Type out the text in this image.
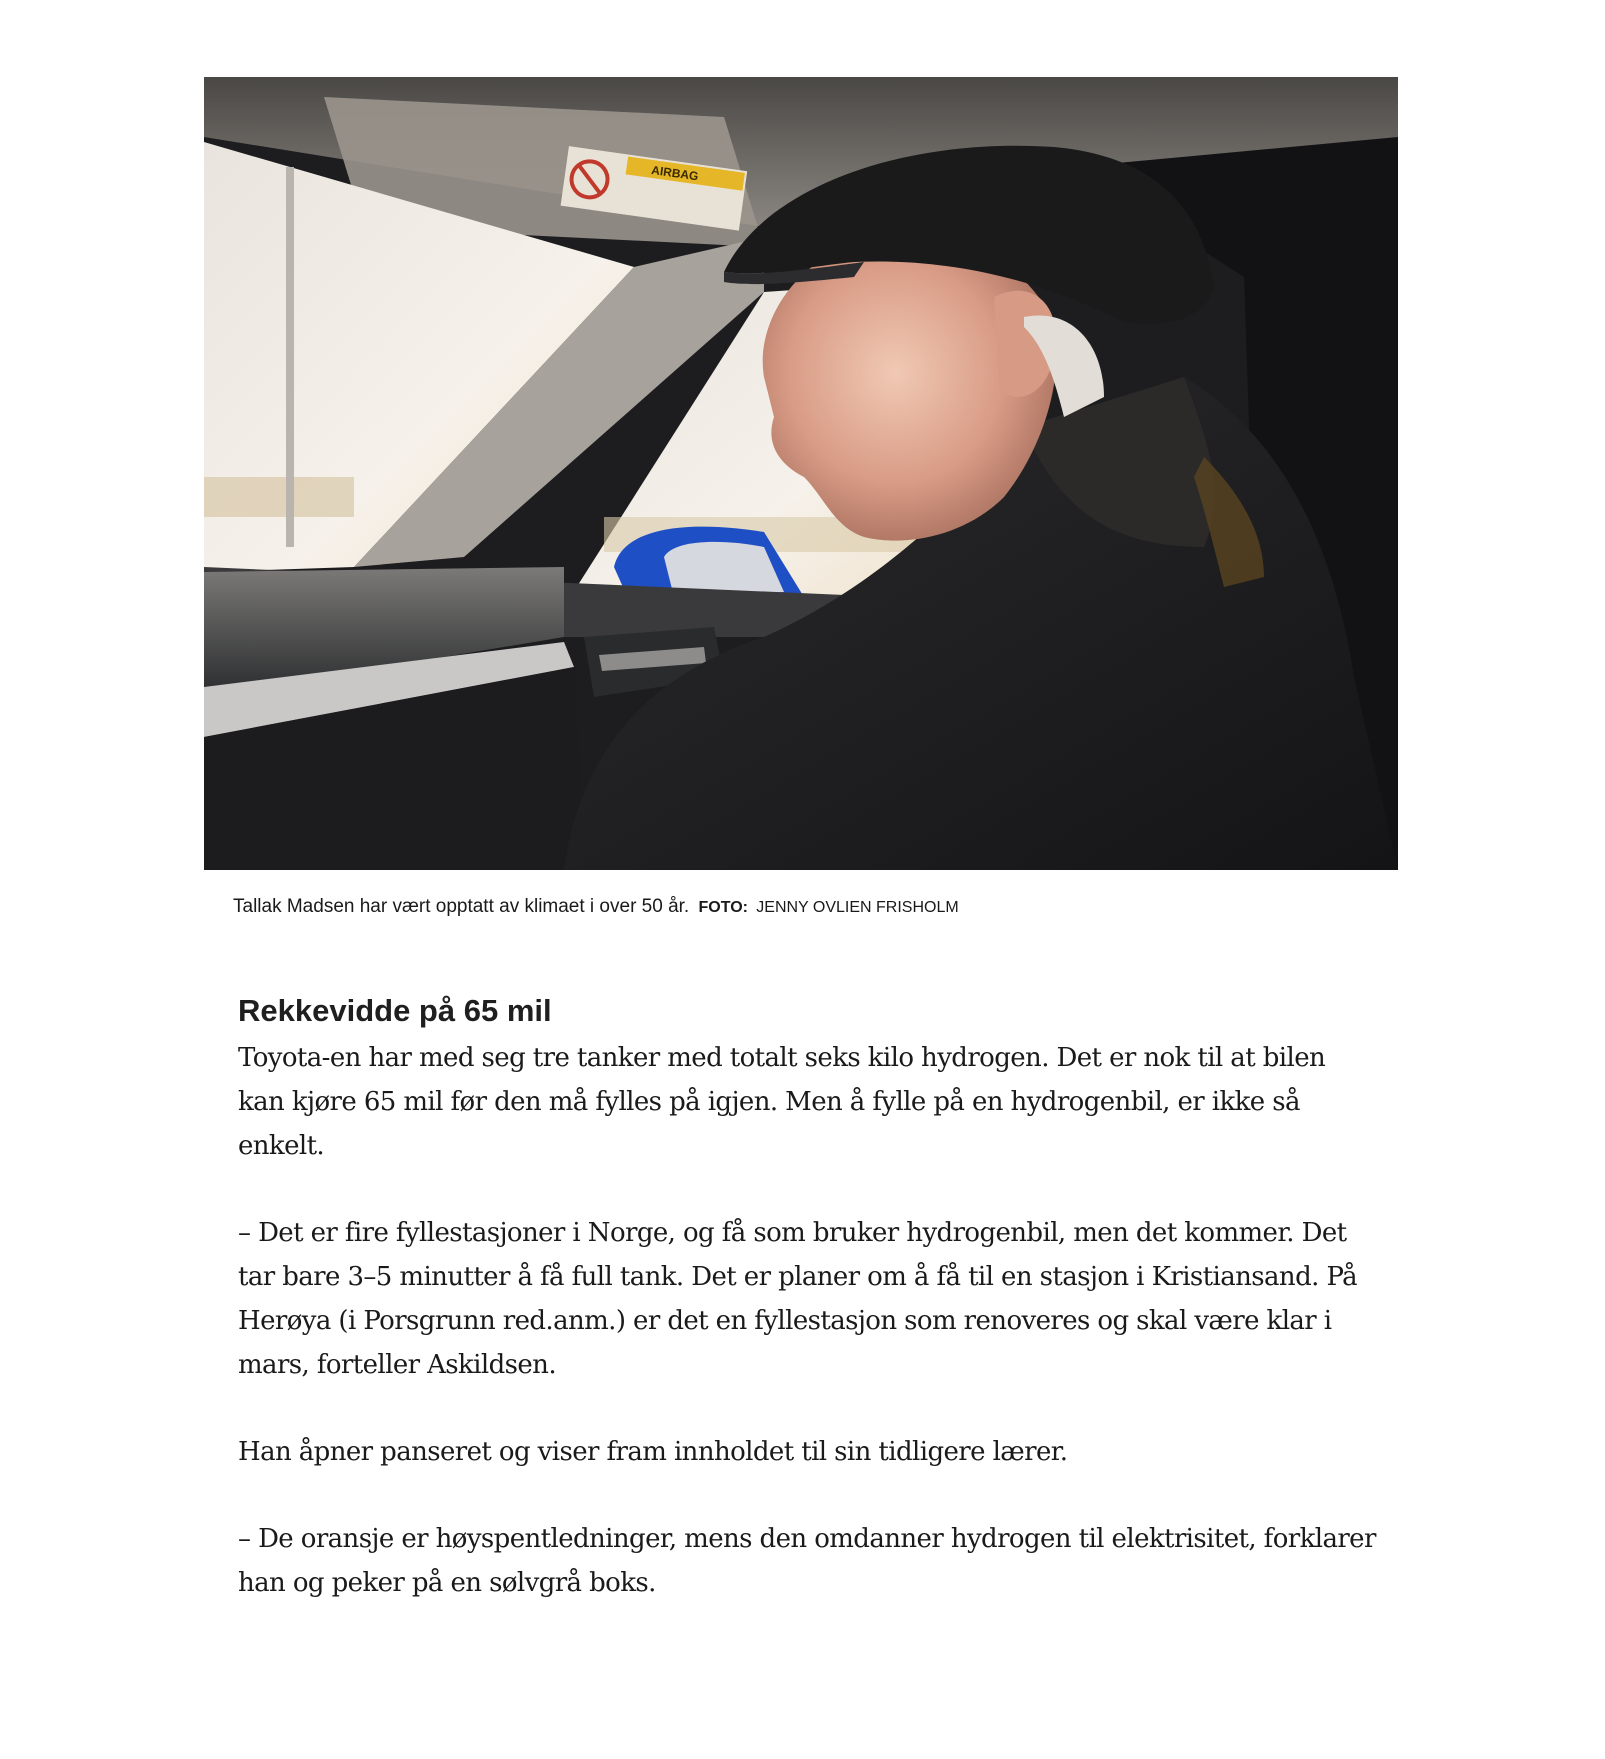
AIRBAG
Tallak Madsen har vært opptatt av klimaet i over 50 år. FOTO: JENNY OVLIEN FRISHOLM
Rekkevidde på 65 mil

Toyota-en har med seg tre tanker med totalt seks kilo hydrogen. Det er nok til at bilen kan kjøre 65 mil før den må fylles på igjen. Men å fylle på en hydrogenbil, er ikke så enkelt.

– Det er fire fyllestasjoner i Norge, og få som bruker hydrogenbil, men det kommer. Det tar bare 3–5 minutter å få full tank. Det er planer om å få til en stasjon i Kristiansand. På Herøya (i Porsgrunn red.anm.) er det en fyllestasjon som renoveres og skal være klar i mars, forteller Askildsen.

Han åpner panseret og viser fram innholdet til sin tidligere lærer.

– De oransje er høyspentledninger, mens den omdanner hydrogen til elektrisitet, forklarer han og peker på en sølvgrå boks.
